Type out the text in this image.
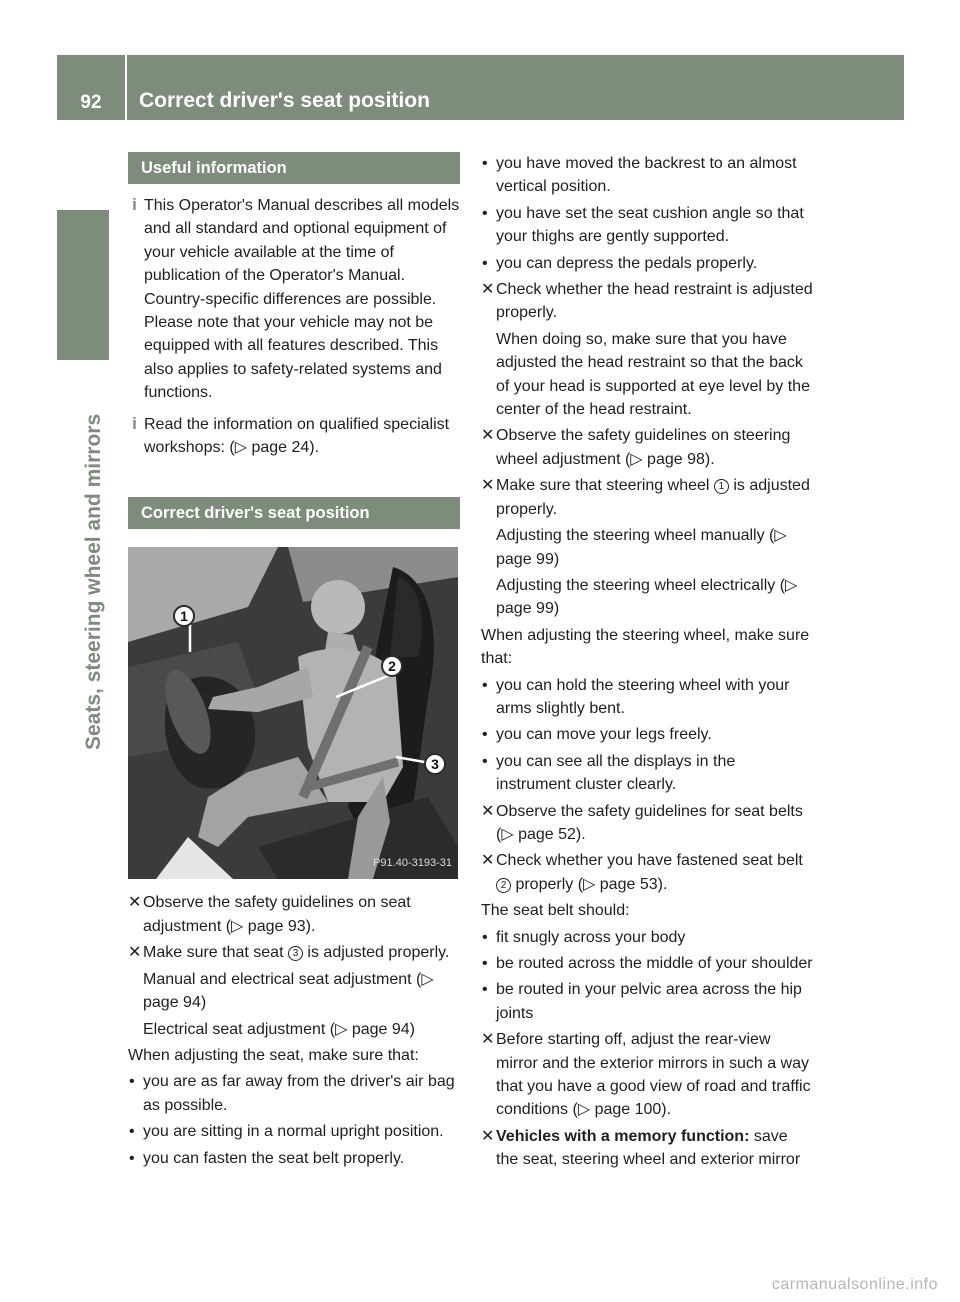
92	Correct driver's seat position
Seats, steering wheel and mirrors
Useful information
i This Operator's Manual describes all models and all standard and optional equipment of your vehicle available at the time of publication of the Operator's Manual. Country-specific differences are possible. Please note that your vehicle may not be equipped with all features described. This also applies to safety-related systems and functions.
i Read the information on qualified specialist workshops: (▷ page 24).
Correct driver's seat position
1
2
3
P91.40-3193-31
✕ Observe the safety guidelines on seat adjustment (▷ page 93).
✕ Make sure that seat 3 is adjusted properly.
Manual and electrical seat adjustment (▷ page 94)
Electrical seat adjustment (▷ page 94)
When adjusting the seat, make sure that:
• you are as far away from the driver's air bag as possible.
• you are sitting in a normal upright position.
• you can fasten the seat belt properly.
• you have moved the backrest to an almost vertical position.
• you have set the seat cushion angle so that your thighs are gently supported.
• you can depress the pedals properly.
✕ Check whether the head restraint is adjusted properly.
When doing so, make sure that you have adjusted the head restraint so that the back of your head is supported at eye level by the center of the head restraint.
✕ Observe the safety guidelines on steering wheel adjustment (▷ page 98).
✕ Make sure that steering wheel 1 is adjusted properly.
Adjusting the steering wheel manually (▷ page 99)
Adjusting the steering wheel electrically (▷ page 99)
When adjusting the steering wheel, make sure that:
• you can hold the steering wheel with your arms slightly bent.
• you can move your legs freely.
• you can see all the displays in the instrument cluster clearly.
✕ Observe the safety guidelines for seat belts (▷ page 52).
✕ Check whether you have fastened seat belt 2 properly (▷ page 53).
The seat belt should:
• fit snugly across your body
• be routed across the middle of your shoulder
• be routed in your pelvic area across the hip joints
✕ Before starting off, adjust the rear-view mirror and the exterior mirrors in such a way that you have a good view of road and traffic conditions (▷ page 100).
✕ Vehicles with a memory function: save the seat, steering wheel and exterior mirror
carmanualsonline.info
